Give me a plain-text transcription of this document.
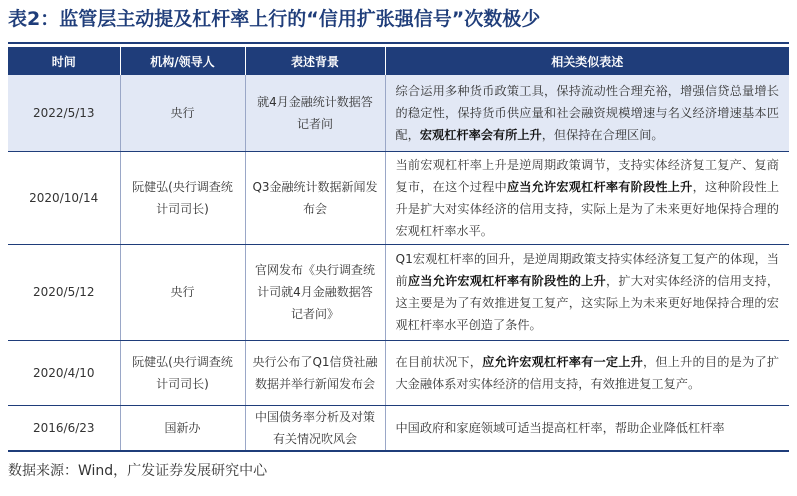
表2：监管层主动提及杠杆率上行的“信用扩张强信号”次数极少
时间	机构/领导人	表述背景	相关类似表述
2022/5/13	央行	就4月金融统计数据答记者问	综合运用多种货币政策工具，保持流动性合理充裕，增强信贷总量增长的稳定性，保持货币供应量和社会融资规模增速与名义经济增速基本匹配，宏观杠杆率会有所上升，但保持在合理区间。
2020/10/14	阮健弘(央行调查统计司司长)	Q3金融统计数据新闻发布会	当前宏观杠杆率上升是逆周期政策调节，支持实体经济复工复产、复商复市，在这个过程中应当允许宏观杠杆率有阶段性上升，这种阶段性上升是扩大对实体经济的信用支持，实际上是为了未来更好地保持合理的宏观杠杆率水平。
2020/5/12	央行	官网发布《央行调查统计司就4月金融数据答记者问》	Q1宏观杠杆率的回升，是逆周期政策支持实体经济复工复产的体现，当前应当允许宏观杠杆率有阶段性的上升，扩大对实体经济的信用支持，这主要是为了有效推进复工复产，这实际上为未来更好地保持合理的宏观杠杆率水平创造了条件。
2020/4/10	阮健弘(央行调查统计司司长)	央行公布了Q1信贷社融数据并举行新闻发布会	在目前状况下，应允许宏观杠杆率有一定上升，但上升的目的是为了扩大金融体系对实体经济的信用支持，有效推进复工复产。
2016/6/23	国新办	中国债务率分析及对策有关情况吹风会	中国政府和家庭领域可适当提高杠杆率，帮助企业降低杠杆率
数据来源：Wind，广发证券发展研究中心
